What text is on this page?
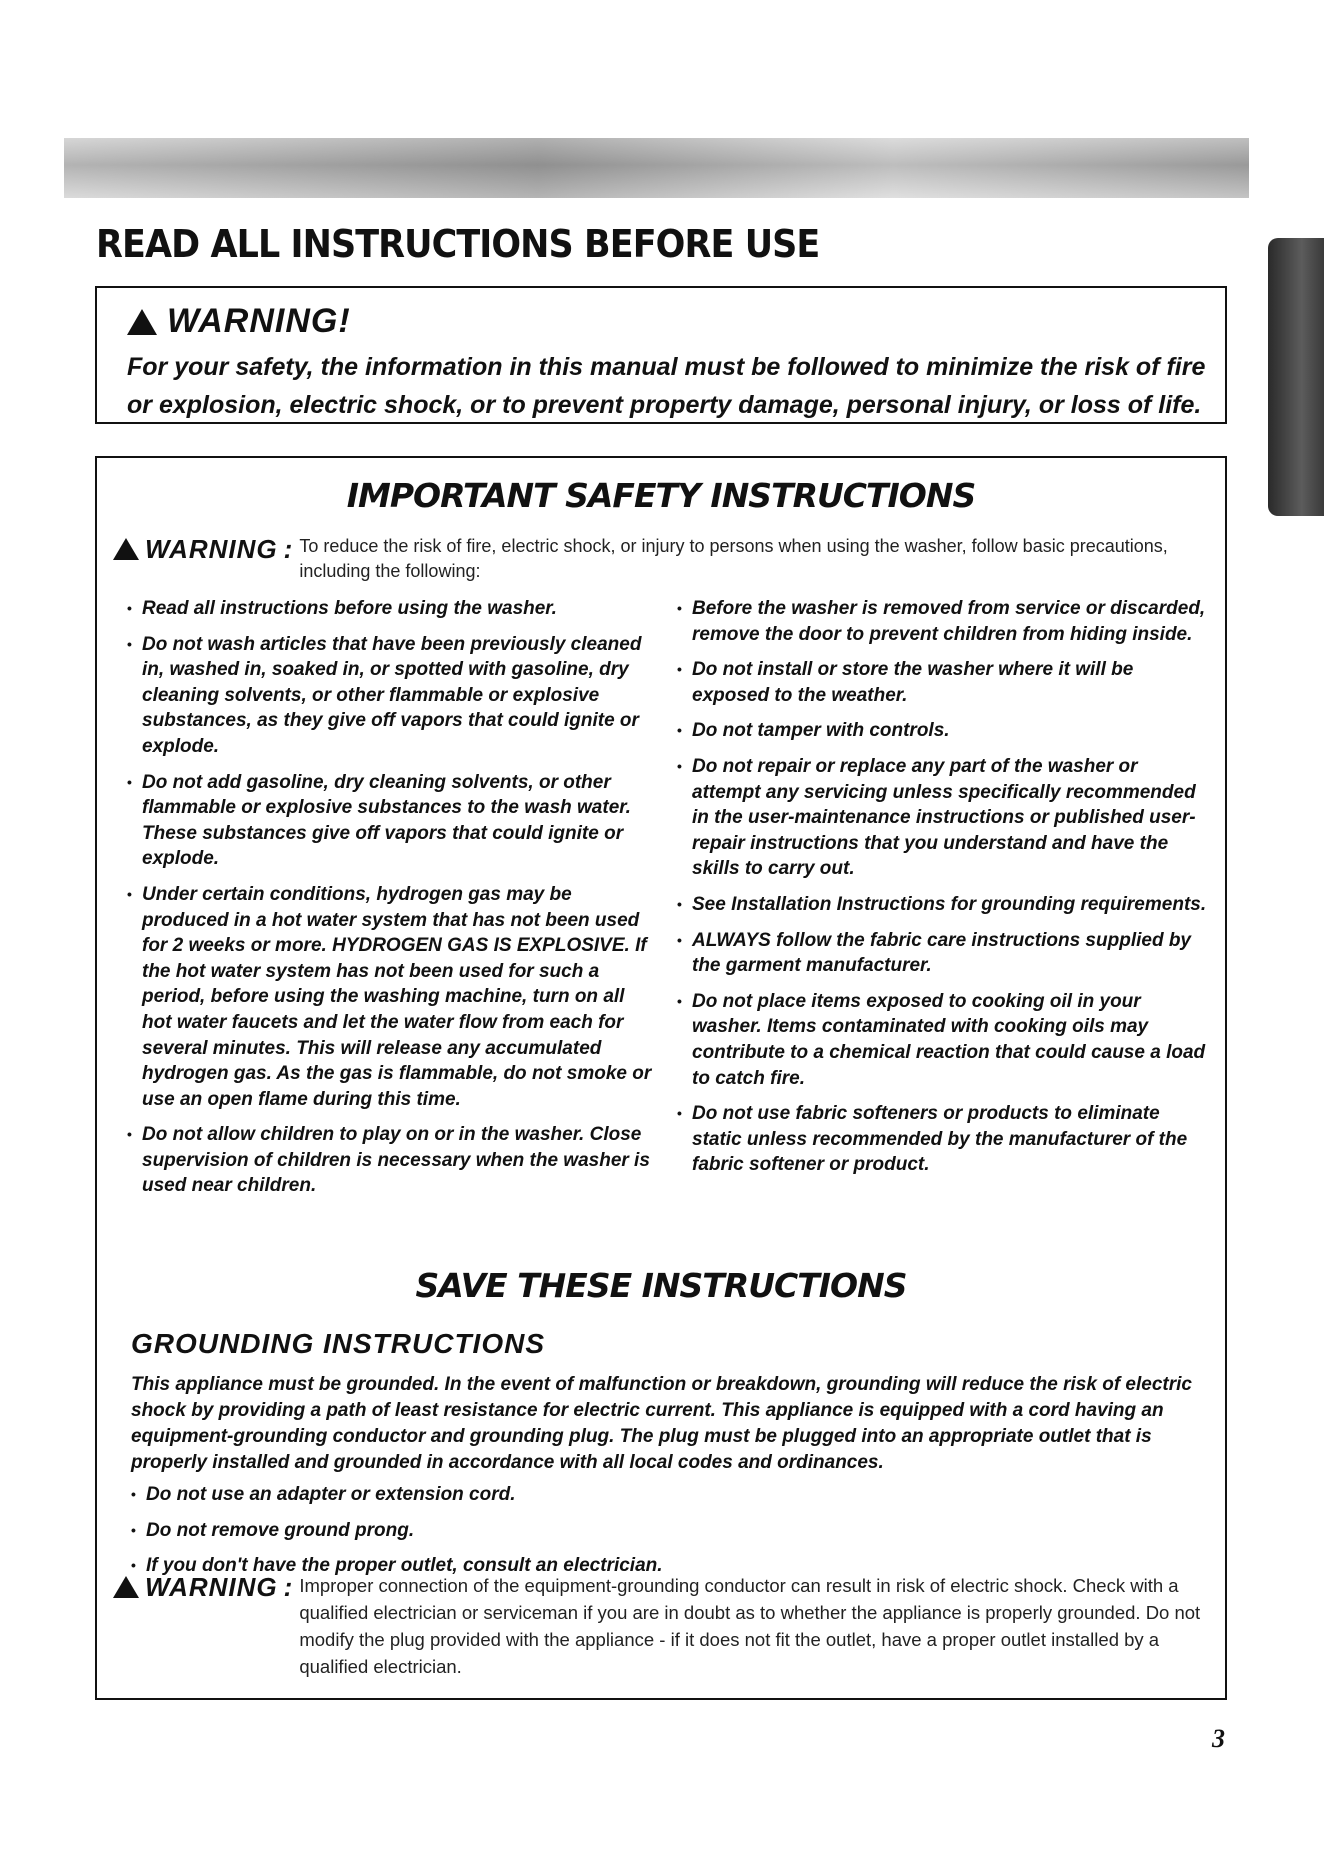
READ ALL INSTRUCTIONS BEFORE USE
WARNING!
For your safety, the information in this manual must be followed to minimize the risk of fire or explosion, electric shock, or to prevent property damage, personal injury, or loss of life.
IMPORTANT SAFETY INSTRUCTIONS
WARNING : To reduce the risk of fire, electric shock, or injury to persons when using the washer, follow basic precautions, including the following:
• Read all instructions before using the washer.
• Do not wash articles that have been previously cleaned in, washed in, soaked in, or spotted with gasoline, dry cleaning solvents, or other flammable or explosive substances, as they give off vapors that could ignite or explode.
• Do not add gasoline, dry cleaning solvents, or other flammable or explosive substances to the wash water. These substances give off vapors that could ignite or explode.
• Under certain conditions, hydrogen gas may be produced in a hot water system that has not been used for 2 weeks or more. HYDROGEN GAS IS EXPLOSIVE. If the hot water system has not been used for such a period, before using the washing machine, turn on all hot water faucets and let the water flow from each for several minutes. This will release any accumulated hydrogen gas. As the gas is flammable, do not smoke or use an open flame during this time.
• Do not allow children to play on or in the washer. Close supervision of children is necessary when the washer is used near children.
• Before the washer is removed from service or discarded, remove the door to prevent children from hiding inside.
• Do not install or store the washer where it will be exposed to the weather.
• Do not tamper with controls.
• Do not repair or replace any part of the washer or attempt any servicing unless specifically recommended in the user-maintenance instructions or published user-repair instructions that you understand and have the skills to carry out.
• See Installation Instructions for grounding requirements.
• ALWAYS follow the fabric care instructions supplied by the garment manufacturer.
• Do not place items exposed to cooking oil in your washer. Items contaminated with cooking oils may contribute to a chemical reaction that could cause a load to catch fire.
• Do not use fabric softeners or products to eliminate static unless recommended by the manufacturer of the fabric softener or product.
SAVE THESE INSTRUCTIONS
GROUNDING INSTRUCTIONS
This appliance must be grounded. In the event of malfunction or breakdown, grounding will reduce the risk of electric shock by providing a path of least resistance for electric current. This appliance is equipped with a cord having an equipment-grounding conductor and grounding plug. The plug must be plugged into an appropriate outlet that is properly installed and grounded in accordance with all local codes and ordinances.
• Do not use an adapter or extension cord.
• Do not remove ground prong.
• If you don't have the proper outlet, consult an electrician.
WARNING : Improper connection of the equipment-grounding conductor can result in risk of electric shock. Check with a qualified electrician or serviceman if you are in doubt as to whether the appliance is properly grounded. Do not modify the plug provided with the appliance - if it does not fit the outlet, have a proper outlet installed by a qualified electrician.
3
